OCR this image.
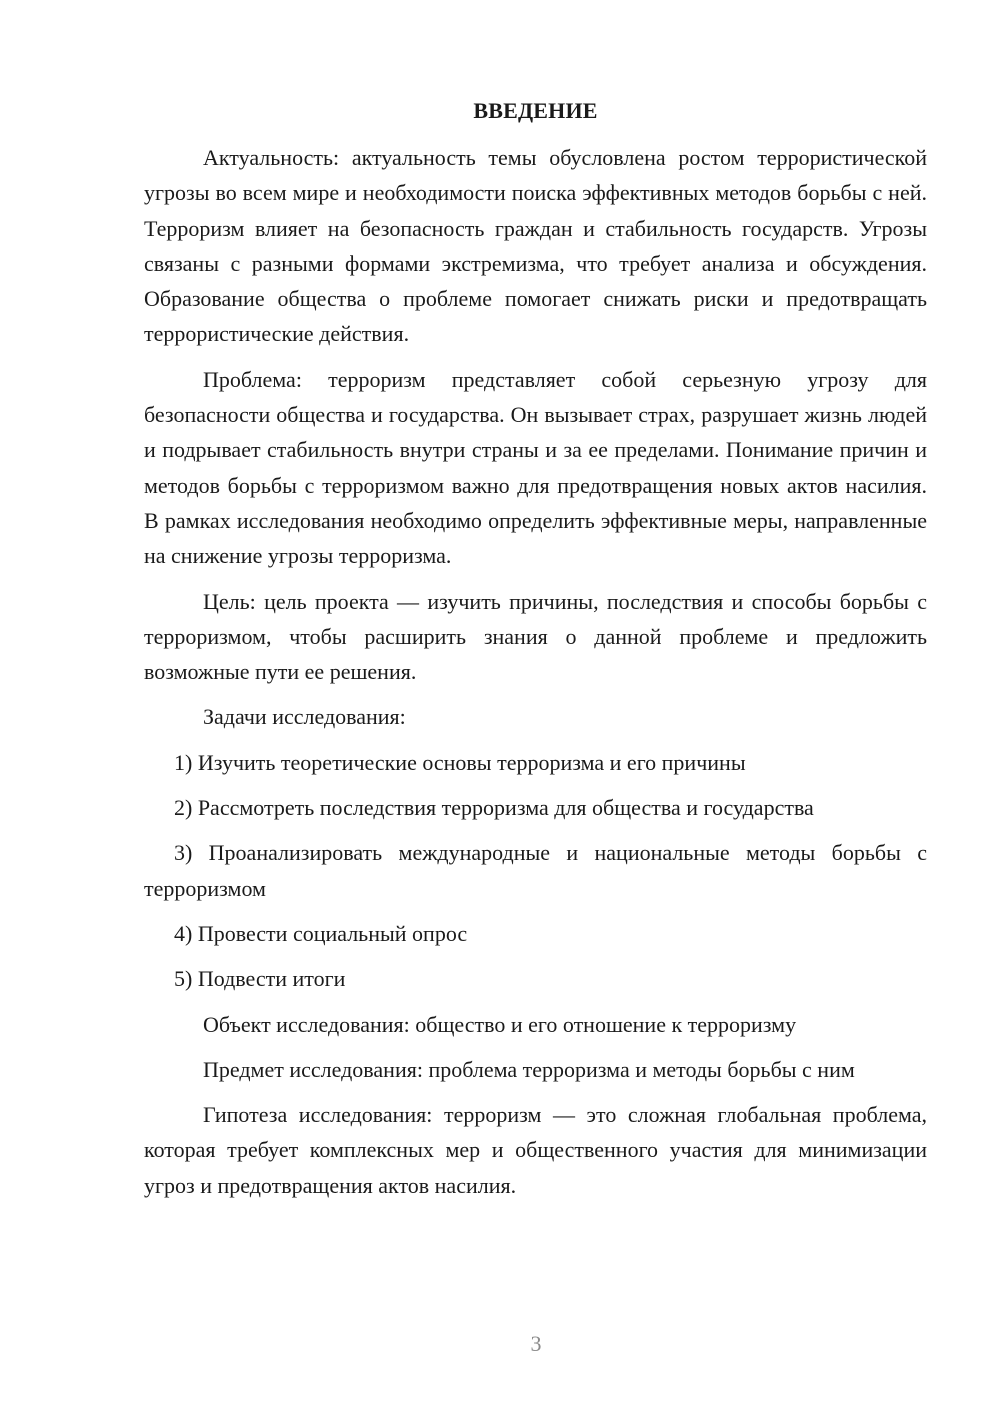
ВВЕДЕНИЕ

Актуальность: актуальность темы обусловлена ростом террористической угрозы во всем мире и необходимости поиска эффективных методов борьбы с ней. Терроризм влияет на безопасность граждан и стабильность государств. Угрозы связаны с разными формами экстремизма, что требует анализа и обсуждения. Образование общества о проблеме помогает снижать риски и предотвращать террористические действия.

Проблема: терроризм представляет собой серьезную угрозу для безопасности общества и государства. Он вызывает страх, разрушает жизнь людей и подрывает стабильность внутри страны и за ее пределами. Понимание причин и методов борьбы с терроризмом важно для предотвращения новых актов насилия. В рамках исследования необходимо определить эффективные меры, направленные на снижение угрозы терроризма.

Цель: цель проекта — изучить причины, последствия и способы борьбы с терроризмом, чтобы расширить знания о данной проблеме и предложить возможные пути ее решения.

Задачи исследования:

1) Изучить теоретические основы терроризма и его причины

2) Рассмотреть последствия терроризма для общества и государства

3) Проанализировать международные и национальные методы борьбы с терроризмом

4) Провести социальный опрос

5) Подвести итоги

Объект исследования: общество и его отношение к терроризму

Предмет исследования: проблема терроризма и методы борьбы с ним

Гипотеза исследования: терроризм — это сложная глобальная проблема, которая требует комплексных мер и общественного участия для минимизации угроз и предотвращения актов насилия.

3
